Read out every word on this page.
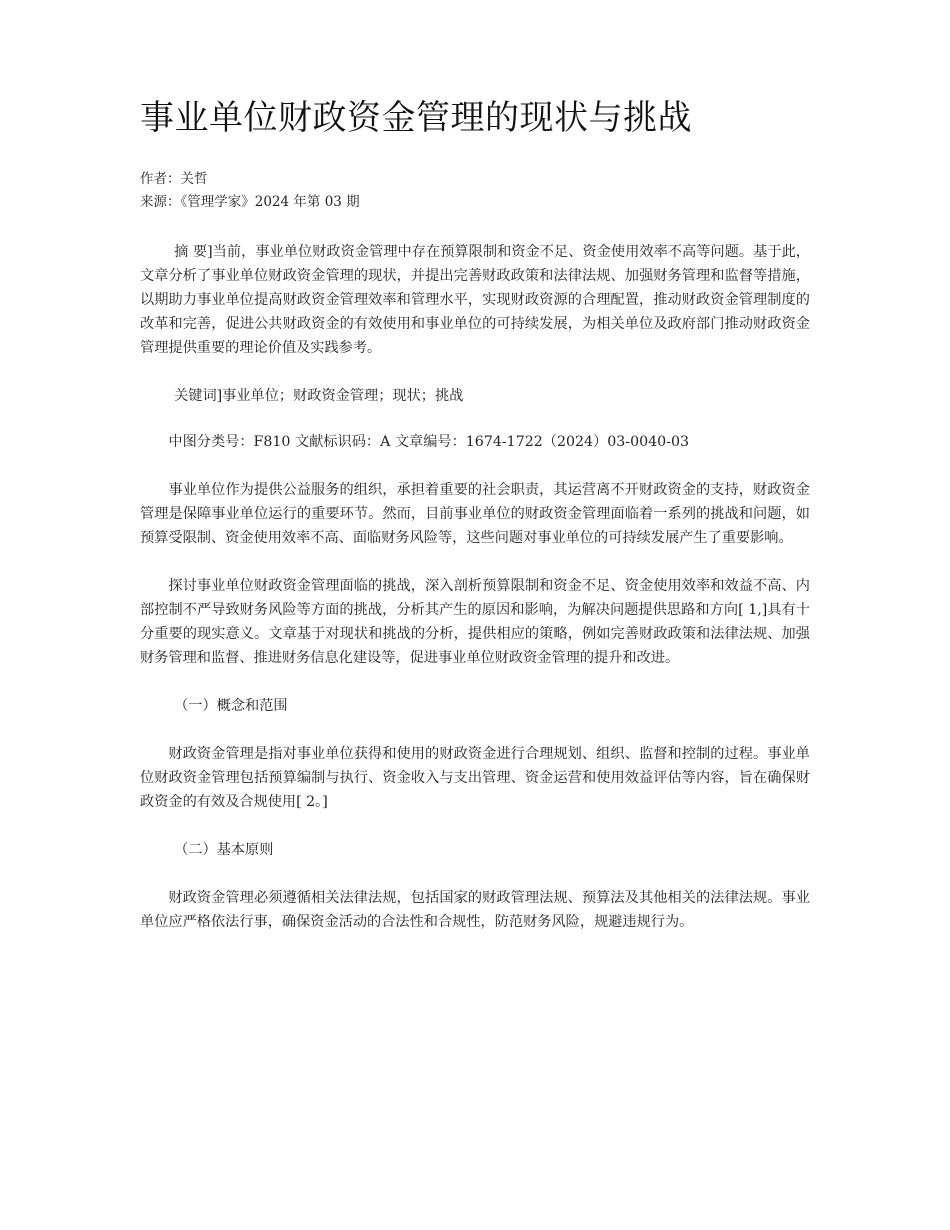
事业单位财政资金管理的现状与挑战
作者：关哲
来源：《管理学家》2024 年第 03 期

摘 要]当前，事业单位财政资金管理中存在预算限制和资金不足、资金使用效率不高等问题。基于此，文章分析了事业单位财政资金管理的现状，并提出完善财政政策和法律法规、加强财务管理和监督等措施，以期助力事业单位提高财政资金管理效率和管理水平，实现财政资源的合理配置，推动财政资金管理制度的改革和完善，促进公共财政资金的有效使用和事业单位的可持续发展，为相关单位及政府部门推动财政资金管理提供重要的理论价值及实践参考。

关键词]事业单位；财政资金管理；现状；挑战

中图分类号：F810 文献标识码：A 文章编号：1674-1722（2024）03-0040-03

事业单位作为提供公益服务的组织，承担着重要的社会职责，其运营离不开财政资金的支持，财政资金管理是保障事业单位运行的重要环节。然而，目前事业单位的财政资金管理面临着一系列的挑战和问题，如预算受限制、资金使用效率不高、面临财务风险等，这些问题对事业单位的可持续发展产生了重要影响。

探讨事业单位财政资金管理面临的挑战，深入剖析预算限制和资金不足、资金使用效率和效益不高、内部控制不严导致财务风险等方面的挑战，分析其产生的原因和影响，为解决问题提供思路和方向[ 1,]具有十分重要的现实意义。文章基于对现状和挑战的分析，提供相应的策略，例如完善财政政策和法律法规、加强财务管理和监督、推进财务信息化建设等，促进事业单位财政资金管理的提升和改进。

（一）概念和范围

财政资金管理是指对事业单位获得和使用的财政资金进行合理规划、组织、监督和控制的过程。事业单位财政资金管理包括预算编制与执行、资金收入与支出管理、资金运营和使用效益评估等内容，旨在确保财政资金的有效及合规使用[ 2。]

（二）基本原则

财政资金管理必须遵循相关法律法规，包括国家的财政管理法规、预算法及其他相关的法律法规。事业单位应严格依法行事，确保资金活动的合法性和合规性，防范财务风险，规避违规行为。
